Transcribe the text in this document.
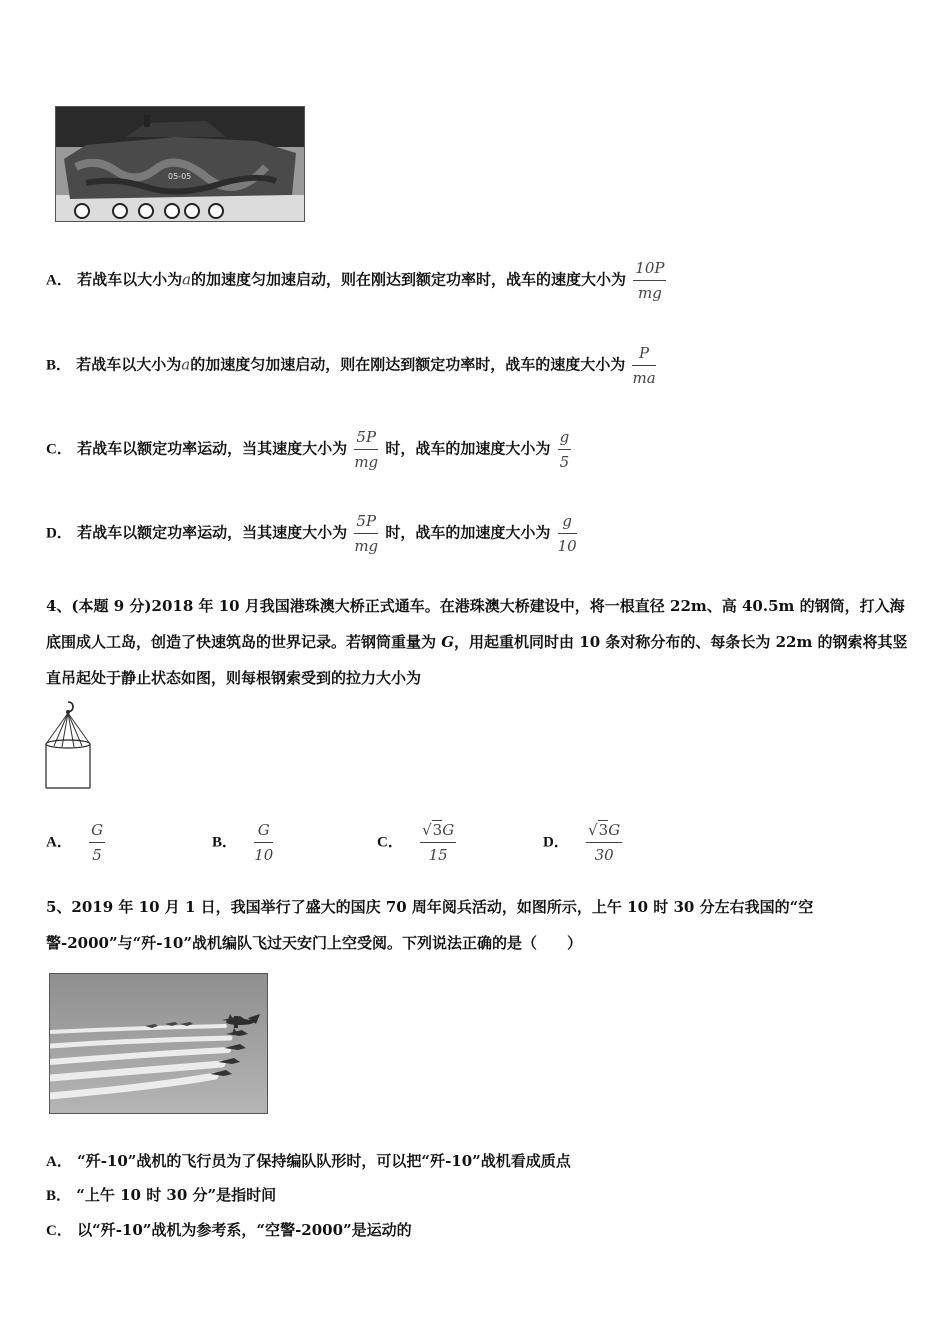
05-05
A． 若战车以大小为a的加速度匀加速启动，则在刚达到额定功率时，战车的速度大小为 $\frac{10P}{mg}$
B． 若战车以大小为a的加速度匀加速启动，则在刚达到额定功率时，战车的速度大小为 $\frac{P}{ma}$
C． 若战车以额定功率运动，当其速度大小为 $\frac{5P}{mg}$ 时，战车的加速度大小为 $\frac{g}{5}$
D． 若战车以额定功率运动，当其速度大小为 $\frac{5P}{mg}$ 时，战车的加速度大小为 $\frac{g}{10}$
4、(本题 9 分)2018 年 10 月我国港珠澳大桥正式通车。在港珠澳大桥建设中，将一根直径 22m、高 40.5m 的钢筒，打入海底围成人工岛，创造了快速筑岛的世界记录。若钢筒重量为 G，用起重机同时由 10 条对称分布的、每条长为 22m 的钢索将其竖直吊起处于静止状态如图，则每根钢索受到的拉力大小为
A． $\frac{G}{5}$	B． $\frac{G}{10}$	C． $\frac{√3G}{15}$	D． $\frac{√3G}{30}$
5、2019 年 10 月 1 日，我国举行了盛大的国庆 70 周年阅兵活动，如图所示，上午 10 时 30 分左右我国的“空警-2000”与“歼-10”战机编队飞过天安门上空受阅。下列说法正确的是（　　）
A． “歼-10”战机的飞行员为了保持编队队形时，可以把“歼-10”战机看成质点
B． “上午 10 时 30 分”是指时间
C． 以“歼-10”战机为参考系，“空警-2000”是运动的
